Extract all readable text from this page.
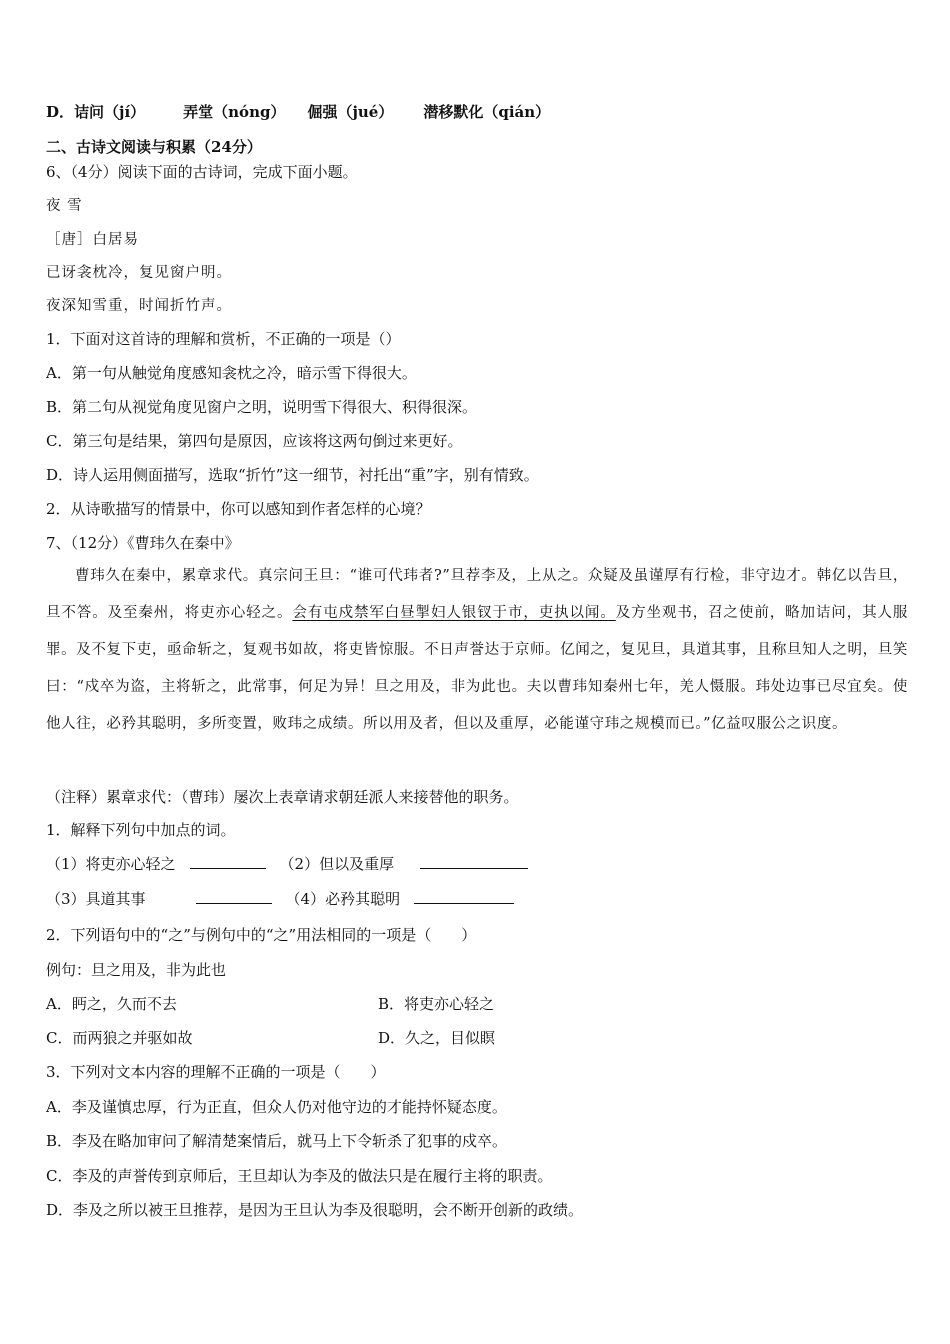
D．诘问（jí）	弄堂（nóng） 倔强（jué） 潜移默化（qián）
二、古诗文阅读与积累（24分）
6、（4分）阅读下面的古诗词，完成下面小题。
夜 雪
［唐］白居易
已讶衾枕冷，复见窗户明。
夜深知雪重，时闻折竹声。
1．下面对这首诗的理解和赏析，不正确的一项是（）
A．第一句从触觉角度感知衾枕之冷，暗示雪下得很大。
B．第二句从视觉角度见窗户之明，说明雪下得很大、积得很深。
C．第三句是结果，第四句是原因，应该将这两句倒过来更好。
D．诗人运用侧面描写，选取“折竹”这一细节，衬托出“重”字，别有情致。
2．从诗歌描写的情景中，你可以感知到作者怎样的心境？
7、（12分）《曹玮久在秦中》
曹玮久在秦中，累章求代。真宗问王旦：“谁可代玮者?”旦荐李及，上从之。众疑及虽谨厚有行检，非守边才。韩亿以告旦，旦不答。及至秦州，将吏亦心轻之。会有屯戍禁军白昼掣妇人银钗于市，吏执以闻。及方坐观书，召之使前，略加诘问，其人服罪。及不复下吏，亟命斩之，复观书如故，将吏皆惊服。不日声誉达于京师。亿闻之，复见旦，具道其事，且称旦知人之明，旦笑曰：“戍卒为盗，主将斩之，此常事，何足为异！旦之用及，非为此也。夫以曹玮知秦州七年，羌人慑服。玮处边事已尽宜矣。使他人往，必矜其聪明，多所变置，败玮之成绩。所以用及者，但以及重厚，必能谨守玮之规模而已。”亿益叹服公之识度。
（注释）累章求代：（曹玮）屡次上表章请求朝廷派人来接替他的职务。
1．解释下列句中加点的词。
（1）将吏亦心轻之	（2）但以及重厚
（3）具道其事	（4）必矜其聪明
2．下列语句中的“之”与例句中的“之”用法相同的一项是（　　）
例句：旦之用及，非为此也
A．眄之，久而不去	B．将吏亦心轻之
C．而两狼之并驱如故	D．久之，目似瞑
3．下列对文本内容的理解不正确的一项是（　　）
A．李及谨慎忠厚，行为正直，但众人仍对他守边的才能持怀疑态度。
B．李及在略加审问了解清楚案情后，就马上下令斩杀了犯事的戍卒。
C．李及的声誉传到京师后，王旦却认为李及的做法只是在履行主将的职责。
D．李及之所以被王旦推荐，是因为王旦认为李及很聪明，会不断开创新的政绩。
